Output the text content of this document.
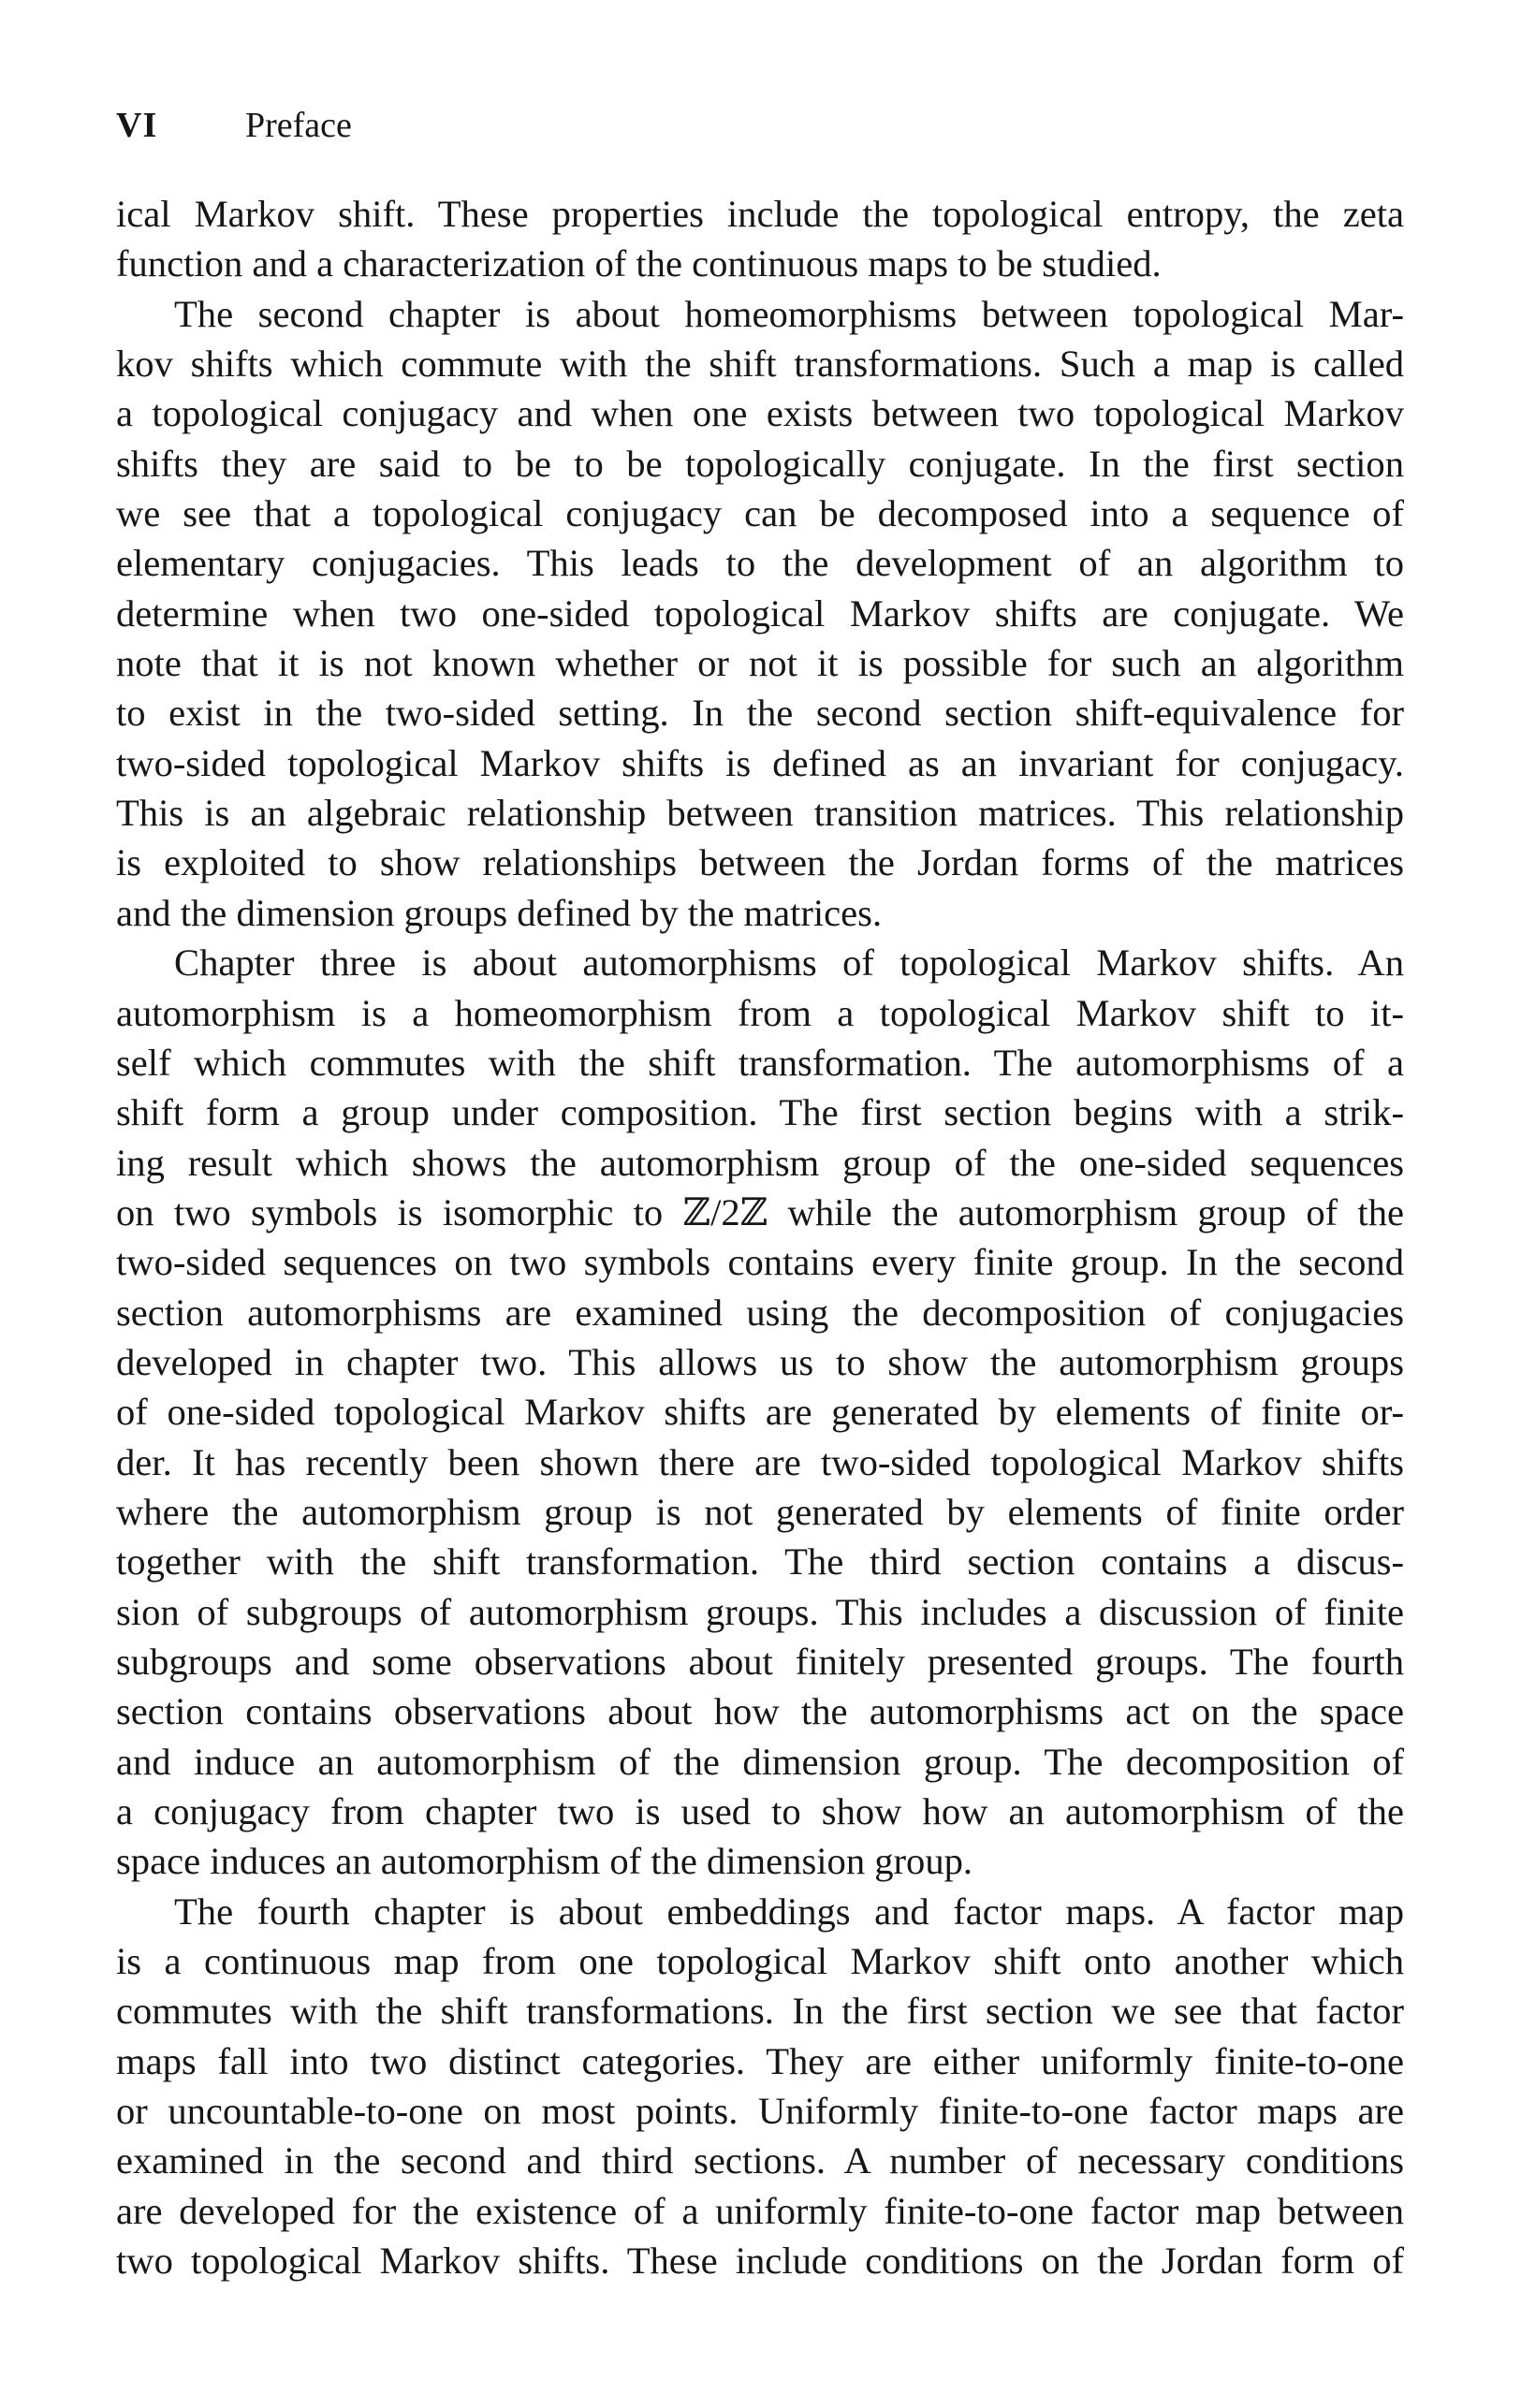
VI	Preface
ical Markov shift. These properties include the topological entropy, the zeta
function and a characterization of the continuous maps to be studied.
The second chapter is about homeomorphisms between topological Mar-
kov shifts which commute with the shift transformations. Such a map is called
a topological conjugacy and when one exists between two topological Markov
shifts they are said to be to be topologically conjugate. In the first section
we see that a topological conjugacy can be decomposed into a sequence of
elementary conjugacies. This leads to the development of an algorithm to
determine when two one-sided topological Markov shifts are conjugate. We
note that it is not known whether or not it is possible for such an algorithm
to exist in the two-sided setting. In the second section shift-equivalence for
two-sided topological Markov shifts is defined as an invariant for conjugacy.
This is an algebraic relationship between transition matrices. This relationship
is exploited to show relationships between the Jordan forms of the matrices
and the dimension groups defined by the matrices.
Chapter three is about automorphisms of topological Markov shifts. An
automorphism is a homeomorphism from a topological Markov shift to it-
self which commutes with the shift transformation. The automorphisms of a
shift form a group under composition. The first section begins with a strik-
ing result which shows the automorphism group of the one-sided sequences
on two symbols is isomorphic to ℤ/2ℤ while the automorphism group of the
two-sided sequences on two symbols contains every finite group. In the second
section automorphisms are examined using the decomposition of conjugacies
developed in chapter two. This allows us to show the automorphism groups
of one-sided topological Markov shifts are generated by elements of finite or-
der. It has recently been shown there are two-sided topological Markov shifts
where the automorphism group is not generated by elements of finite order
together with the shift transformation. The third section contains a discus-
sion of subgroups of automorphism groups. This includes a discussion of finite
subgroups and some observations about finitely presented groups. The fourth
section contains observations about how the automorphisms act on the space
and induce an automorphism of the dimension group. The decomposition of
a conjugacy from chapter two is used to show how an automorphism of the
space induces an automorphism of the dimension group.
The fourth chapter is about embeddings and factor maps. A factor map
is a continuous map from one topological Markov shift onto another which
commutes with the shift transformations. In the first section we see that factor
maps fall into two distinct categories. They are either uniformly finite-to-one
or uncountable-to-one on most points. Uniformly finite-to-one factor maps are
examined in the second and third sections. A number of necessary conditions
are developed for the existence of a uniformly finite-to-one factor map between
two topological Markov shifts. These include conditions on the Jordan form of
